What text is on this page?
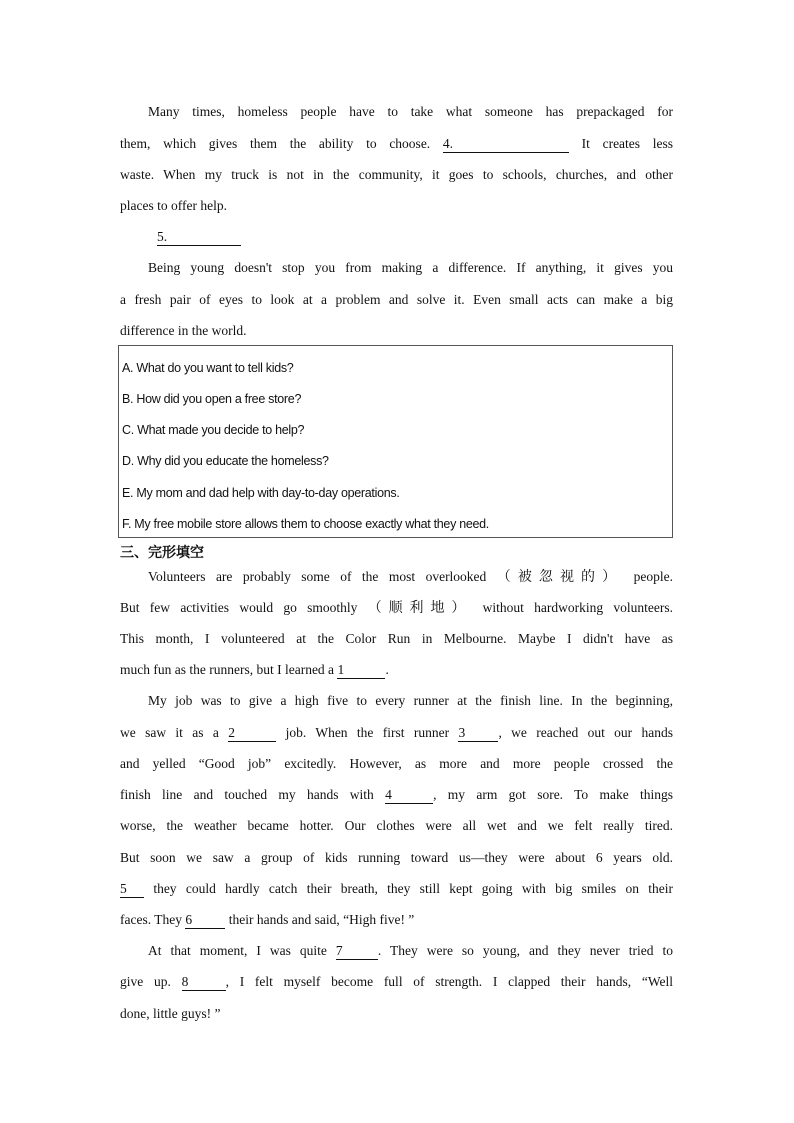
Many times, homeless people have to take what someone has prepackaged for
them, which gives them the ability to choose. 4.	It creates less
waste. When my truck is not in the community, it goes to schools, churches, and other
places to offer help.
5.
Being young doesn't stop you from making a difference. If anything, it gives you
a fresh pair of eyes to look at a problem and solve it. Even small acts can make a big
difference in the world.
A. What do you want to tell kids?
B. How did you open a free store?
C. What made you decide to help?
D. Why did you educate the homeless?
E. My mom and dad help with day-to-day operations.
F. My free mobile store allows them to choose exactly what they need.
三、完形填空
Volunteers are probably some of the most overlooked （被忽视的） people.
But few activities would go smoothly （顺利地） without hardworking volunteers.
This month, I volunteered at the Color Run in Melbourne. Maybe I didn't have as
much fun as the runners, but I learned a 1	.
My job was to give a high five to every runner at the finish line. In the beginning,
we saw it as a 2	job. When the first runner 3 , we reached out our hands
and yelled “Good job” excitedly. However, as more and more people crossed the
finish line and touched my hands with 4	, my arm got sore. To make things
worse, the weather became hotter. Our clothes were all wet and we felt really tired.
But soon we saw a group of kids running toward us—they were about 6 years old.
5 they could hardly catch their breath, they still kept going with big smiles on their
faces. They 6	their hands and said, “High five! ”
At that moment, I was quite 7	. They were so young, and they never tried to
give up. 8	, I felt myself become full of strength. I clapped their hands, “Well
done, little guys! ”
